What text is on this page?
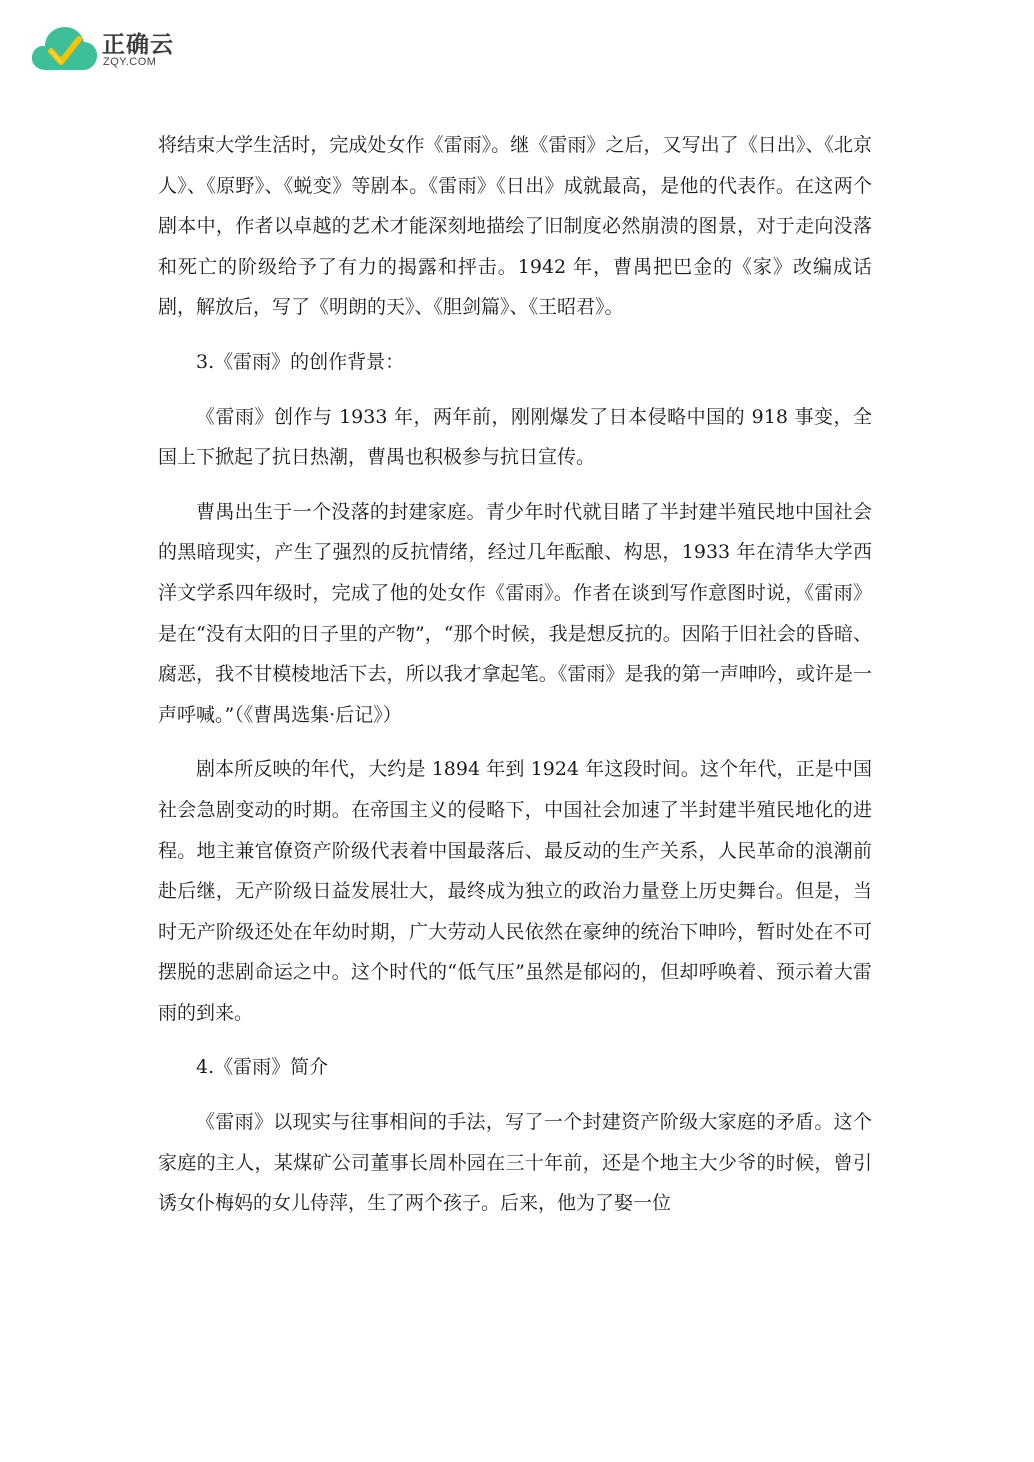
正确云
ZQY.COM

将结束大学生活时，完成处女作《雷雨》。继《雷雨》之后，又写出了《日出》、《北京人》、《原野》、《蜕变》等剧本。《雷雨》《日出》成就最高，是他的代表作。在这两个剧本中，作者以卓越的艺术才能深刻地描绘了旧制度必然崩溃的图景，对于走向没落和死亡的阶级给予了有力的揭露和抨击。1942 年，曹禺把巴金的《家》改编成话剧，解放后，写了《明朗的天》、《胆剑篇》、《王昭君》。

3.《雷雨》的创作背景：

《雷雨》创作与 1933 年，两年前，刚刚爆发了日本侵略中国的 918 事变，全国上下掀起了抗日热潮，曹禺也积极参与抗日宣传。

曹禺出生于一个没落的封建家庭。青少年时代就目睹了半封建半殖民地中国社会的黑暗现实，产生了强烈的反抗情绪，经过几年酝酿、构思，1933 年在清华大学西洋文学系四年级时，完成了他的处女作《雷雨》。作者在谈到写作意图时说，《雷雨》是在“没有太阳的日子里的产物”，“那个时候，我是想反抗的。因陷于旧社会的昏暗、腐恶，我不甘模棱地活下去，所以我才拿起笔。《雷雨》是我的第一声呻吟，或许是一声呼喊。”（《曹禺选集·后记》）

剧本所反映的年代，大约是 1894 年到 1924 年这段时间。这个年代，正是中国社会急剧变动的时期。在帝国主义的侵略下，中国社会加速了半封建半殖民地化的进程。地主兼官僚资产阶级代表着中国最落后、最反动的生产关系，人民革命的浪潮前赴后继，无产阶级日益发展壮大，最终成为独立的政治力量登上历史舞台。但是，当时无产阶级还处在年幼时期，广大劳动人民依然在豪绅的统治下呻吟，暂时处在不可摆脱的悲剧命运之中。这个时代的“低气压”虽然是郁闷的，但却呼唤着、预示着大雷雨的到来。

4.《雷雨》简介

《雷雨》以现实与往事相间的手法，写了一个封建资产阶级大家庭的矛盾。这个家庭的主人，某煤矿公司董事长周朴园在三十年前，还是个地主大少爷的时候，曾引诱女仆梅妈的女儿侍萍，生了两个孩子。后来，他为了娶一位
